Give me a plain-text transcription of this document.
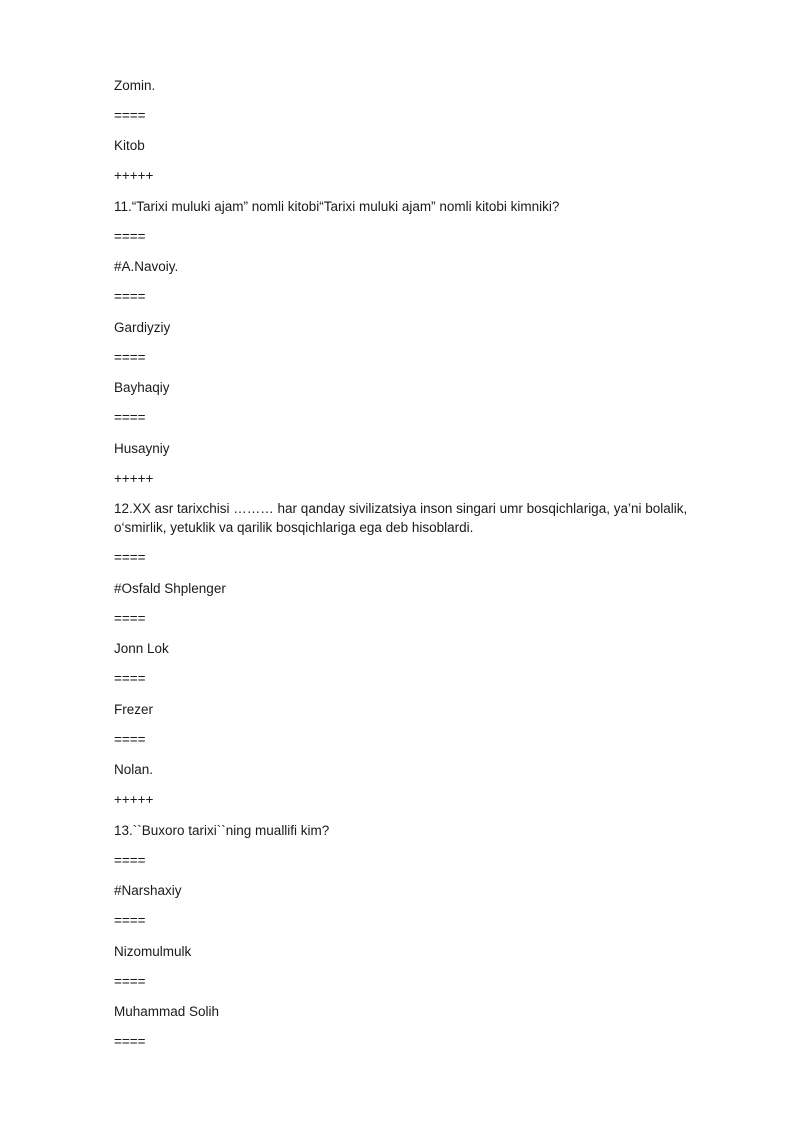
Zomin.
====
Kitob
+++++
11.“Tarixi muluki ajam” nomli kitobi“Tarixi muluki ajam” nomli kitobi kimniki?
====
#A.Navoiy.
====
Gardiyziy
====
Bayhaqiy
====
Husayniy
+++++
12.XX asr tarixchisi ……… har qanday sivilizatsiya inson singari umr bosqichlariga, ya’ni bolalik, o‘smirlik, yetuklik va qarilik bosqichlariga ega deb hisoblardi.
====
#Osfald Shplenger
====
Jonn Lok
====
Frezer
====
Nolan.
+++++
13.``Buxoro tarixi``ning muallifi kim?
====
#Narshaxiy
====
Nizomulmulk
====
Muhammad Solih
====
